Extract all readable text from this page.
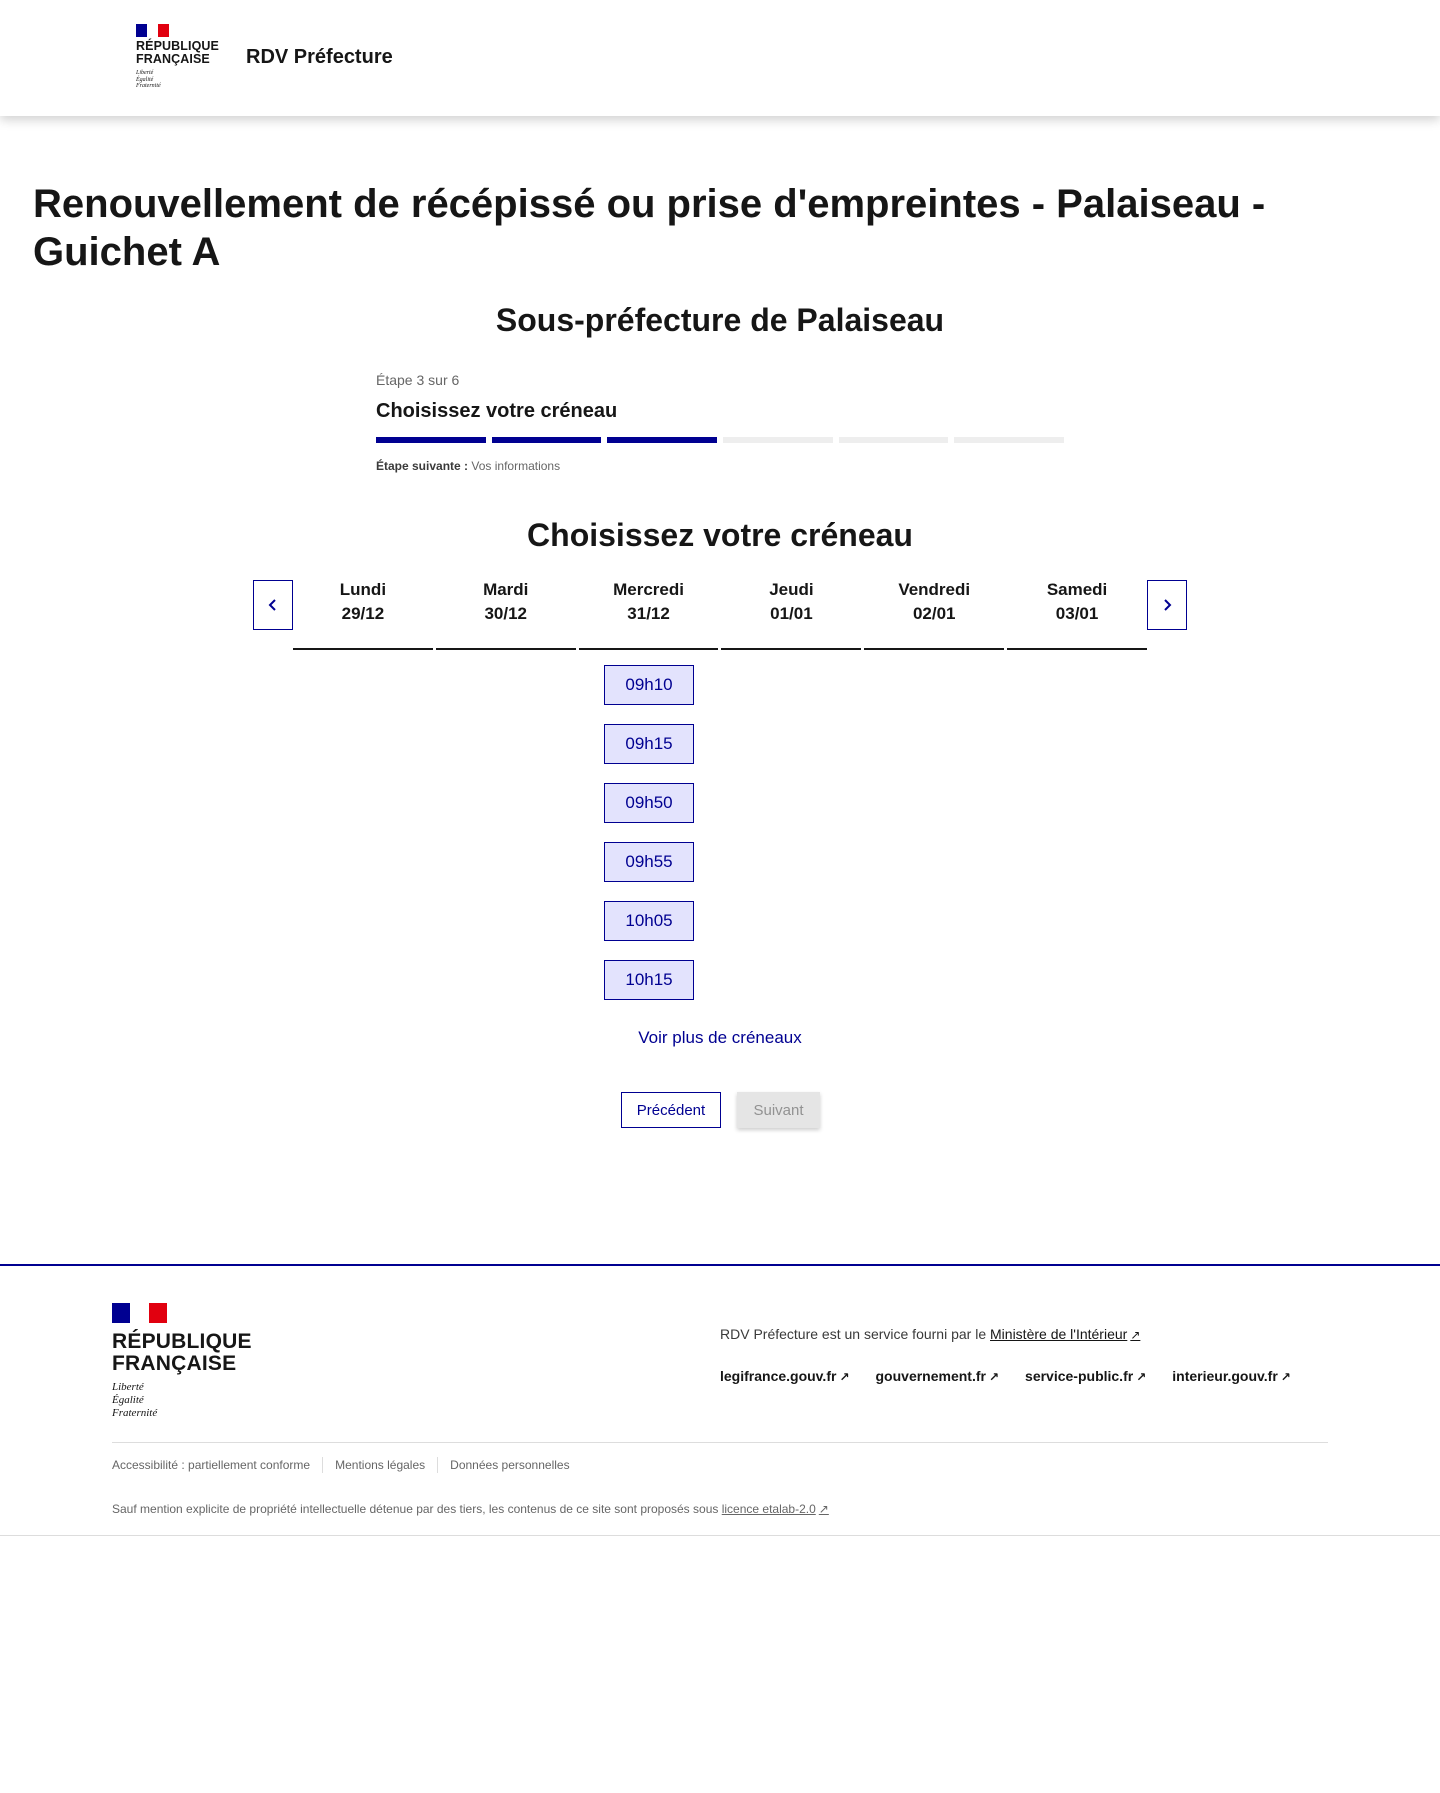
RÉPUBLIQUE
FRANÇAISE
Liberté
Égalité
Fraternité
RDV Préfecture
Renouvellement de récépissé ou prise d'empreintes - Palaiseau - Guichet A
Sous-préfecture de Palaiseau
Étape 3 sur 6
Choisissez votre créneau
Étape suivante : Vos informations
Choisissez votre créneau
Lundi
29/12
Mardi
30/12
Mercredi
31/12
Jeudi
01/01
Vendredi
02/01
Samedi
03/01
09h10
09h15
09h50
09h55
10h05
10h15
Voir plus de créneaux
Précédent	Suivant
RÉPUBLIQUE
FRANÇAISE
Liberté
Égalité
Fraternité
RDV Préfecture est un service fourni par le Ministère de l'Intérieur ↗
legifrance.gouv.fr ↗ gouvernement.fr ↗ service-public.fr ↗ interieur.gouv.fr ↗
Accessibilité : partiellement conforme Mentions légales Données personnelles
Sauf mention explicite de propriété intellectuelle détenue par des tiers, les contenus de ce site sont proposés sous licence etalab-2.0 ↗
